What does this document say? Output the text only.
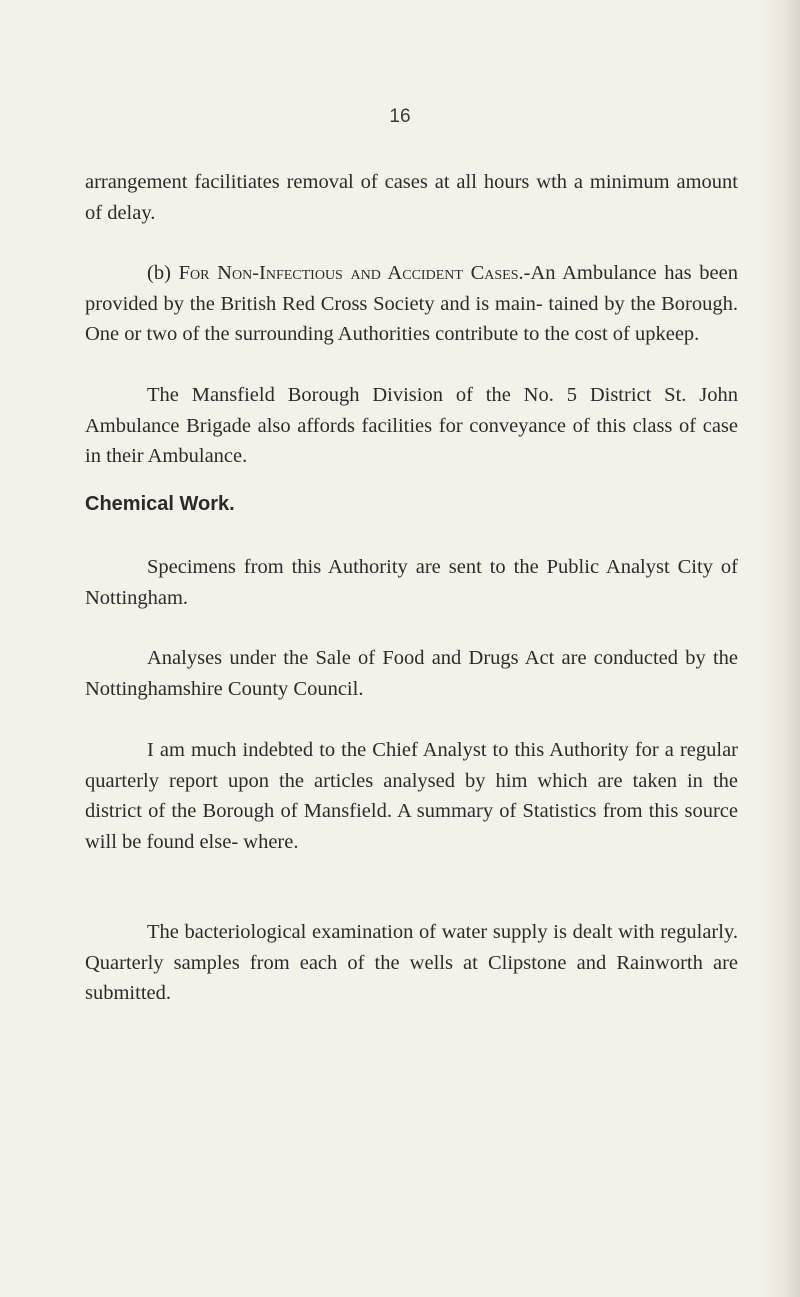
16

arrangement facilitiates removal of cases at all hours wth a minimum amount of delay.

(b) For Non-Infectious and Accident Cases.-An Ambulance has been provided by the British Red Cross Society and is main- tained by the Borough. One or two of the surrounding Authorities contribute to the cost of upkeep.

The Mansfield Borough Division of the No. 5 District St. John Ambulance Brigade also affords facilities for conveyance of this class of case in their Ambulance.

Chemical Work.

Specimens from this Authority are sent to the Public Analyst City of Nottingham.

Analyses under the Sale of Food and Drugs Act are conducted by the Nottinghamshire County Council.

I am much indebted to the Chief Analyst to this Authority for a regular quarterly report upon the articles analysed by him which are taken in the district of the Borough of Mansfield. A summary of Statistics from this source will be found else- where.

The bacteriological examination of water supply is dealt with regularly. Quarterly samples from each of the wells at Clipstone and Rainworth are submitted.
